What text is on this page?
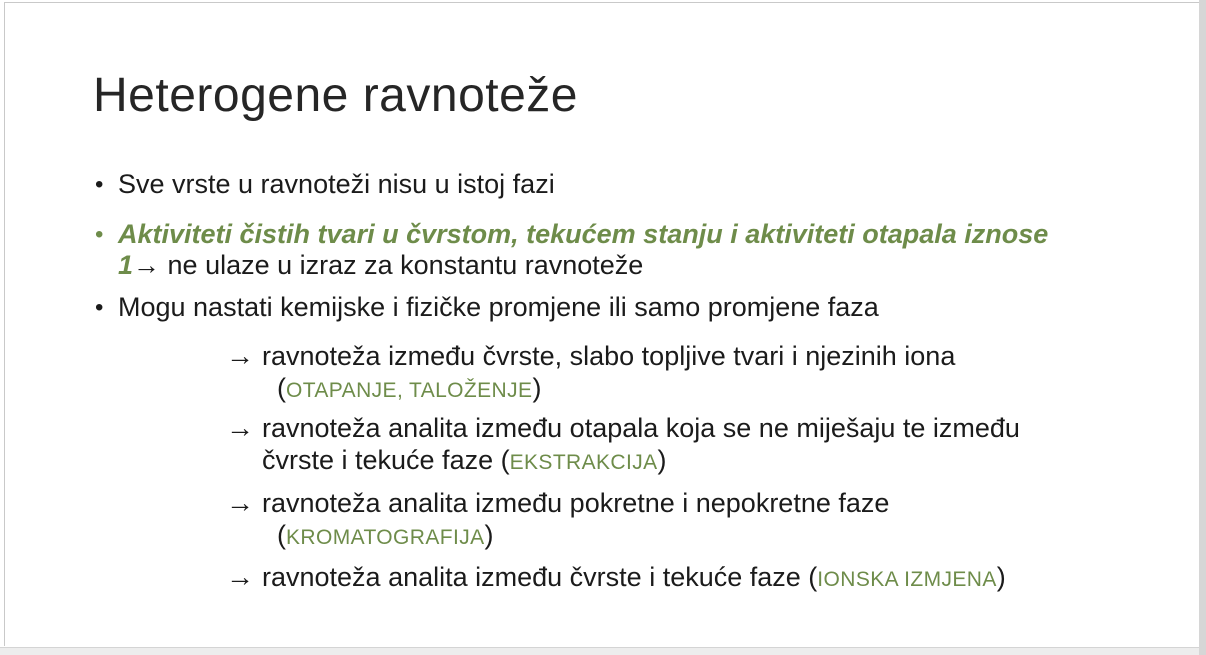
Heterogene ravnoteže
• Sve vrste u ravnoteži nisu u istoj fazi
• Aktiviteti čistih tvari u čvrstom, tekućem stanju i aktiviteti otapala iznose
1→ ne ulaze u izraz za konstantu ravnoteže
• Mogu nastati kemijske i fizičke promjene ili samo promjene faza
→ ravnoteža između čvrste, slabo topljive tvari i njezinih iona
(OTAPANJE, TALOŽENJE)
→ ravnoteža analita između otapala koja se ne miješaju te između
čvrste i tekuće faze (EKSTRAKCIJA)
→ ravnoteža analita između pokretne i nepokretne faze
(KROMATOGRAFIJA)
→ ravnoteža analita između čvrste i tekuće faze (IONSKA IZMJENA)
